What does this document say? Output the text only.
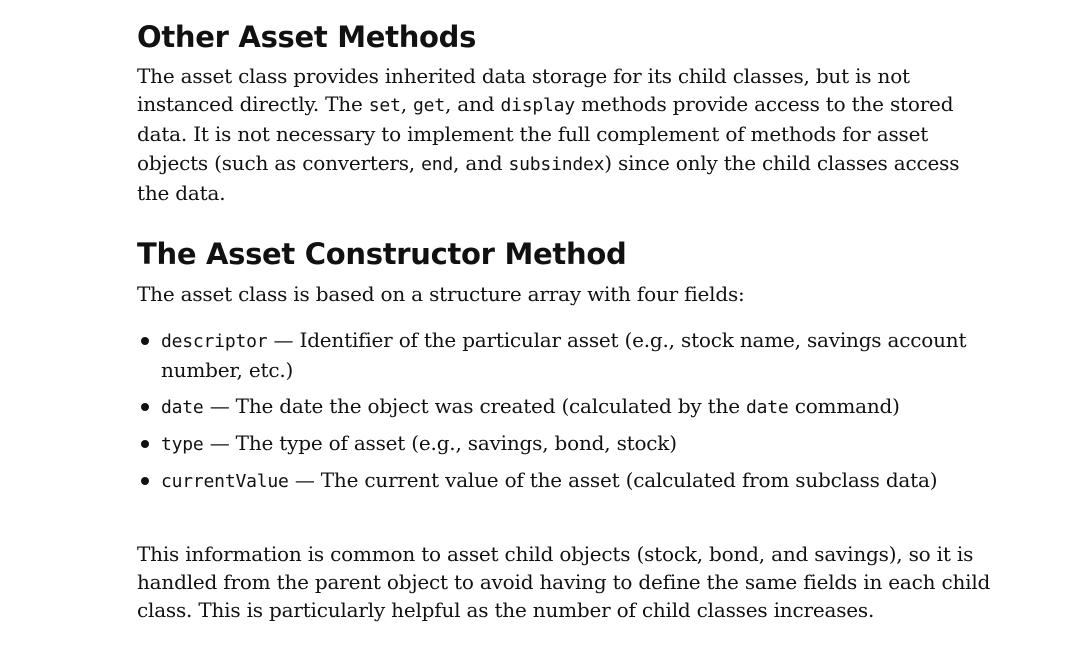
Other Asset Methods

The asset class provides inherited data storage for its child classes, but is not instanced directly. The set, get, and display methods provide access to the stored data. It is not necessary to implement the full complement of methods for asset objects (such as converters, end, and subsindex) since only the child classes access the data.

The Asset Constructor Method

The asset class is based on a structure array with four fields:

descriptor — Identifier of the particular asset (e.g., stock name, savings account number, etc.)
date — The date the object was created (calculated by the date command)
type — The type of asset (e.g., savings, bond, stock)
currentValue — The current value of the asset (calculated from subclass data)

This information is common to asset child objects (stock, bond, and savings), so it is handled from the parent object to avoid having to define the same fields in each child class. This is particularly helpful as the number of child classes increases.
